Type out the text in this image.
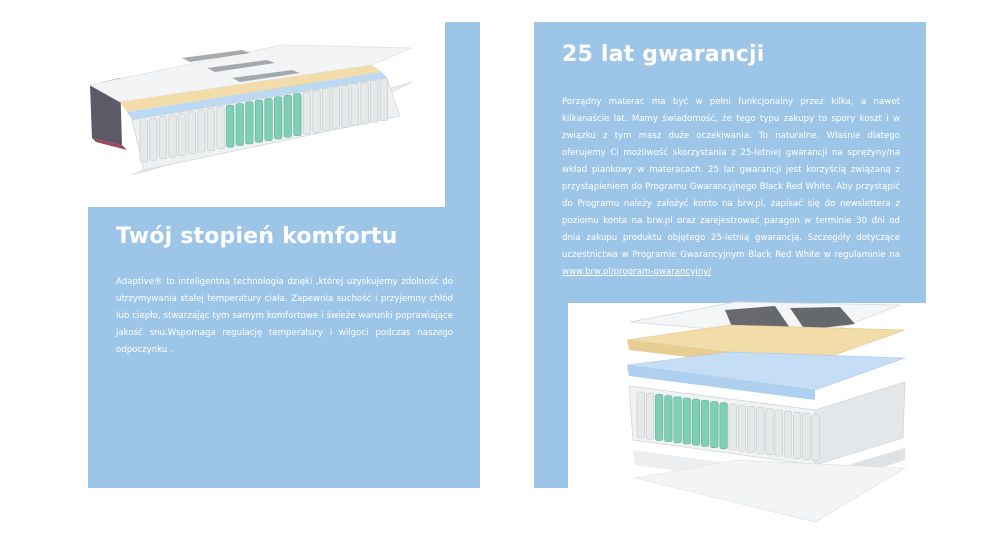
Twój stopień komfortu

Adaptive® to inteligentna technologia dzięki ,której uzyskujemy zdolność do utrzymywania stałej temperatury ciała. Zapewnia suchość i przyjemny chłód lub ciepło, stwarzając tym samym komfortowe i świeże warunki poprawiające jakość snu.Wspomaga regulację temperatury i wilgoci podczas naszego odpoczynku .

25 lat gwarancji

Porządny materac ma być w pełni funkcjonalny przez kilka, a nawet kilkanaście lat. Mamy świadomość, że tego typu zakupy to spory koszt i w związku z tym masz duże oczekiwania. To naturalne. Właśnie dlatego oferujemy Ci możliwość skorzystania z 25-letniej gwarancji na sprężyny/na wkład piankowy w materacach. 25 lat gwarancji jest korzyścią związaną z przystąpieniem do Programu Gwarancyjnego Black Red White. Aby przystąpić do Programu należy założyć konto na brw.pl, zapisać się do newslettera z poziomu konta na brw.pl oraz zarejestrować paragon w terminie 30 dni od dnia zakupu produktu objętego 25-letnią gwarancją. Szczegóły dotyczące uczestnictwa w Programie Gwarancyjnym Black Red White w regulaminie na www.brw.pl/program-gwarancyjny/
